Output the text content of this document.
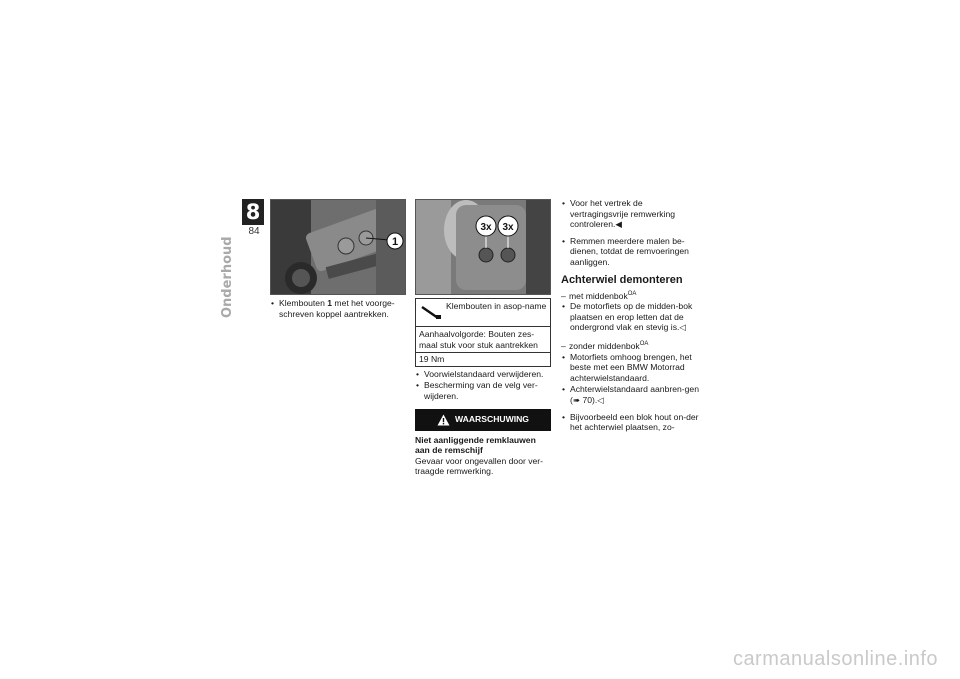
8
84
Onderhoud	1
3x 3x
• Klembouten 1 met het voorge-schreven koppel aantrekken.
Klembouten in asop-name
Aanhaalvolgorde: Bouten zes-maal stuk voor stuk aantrekken
19 Nm
• Voorwielstandaard verwijderen.
• Bescherming van de velg ver-wijderen.
WAARSCHUWING
Niet aanliggende remklauwen aan de remschijf
Gevaar voor ongevallen door ver-traagde remwerking.
• Voor het vertrek de vertragingsvrije remwerking controleren.◀
• Remmen meerdere malen be-dienen, totdat de remvoeringen aanliggen.
Achterwiel demonteren
– met middenbok$^{OA}$
• De motorfiets op de midden-bok plaatsen en erop letten dat de ondergrond vlak en stevig is.◁
– zonder middenbok$^{OA}$
• Motorfiets omhoog brengen, het beste met een BMW Motorrad achterwielstandaard.
• Achterwielstandaard aanbren-gen (➠ 70).◁
• Bijvoorbeeld een blok hout on-der het achterwiel plaatsen, zo-
carmanualsonline.info
